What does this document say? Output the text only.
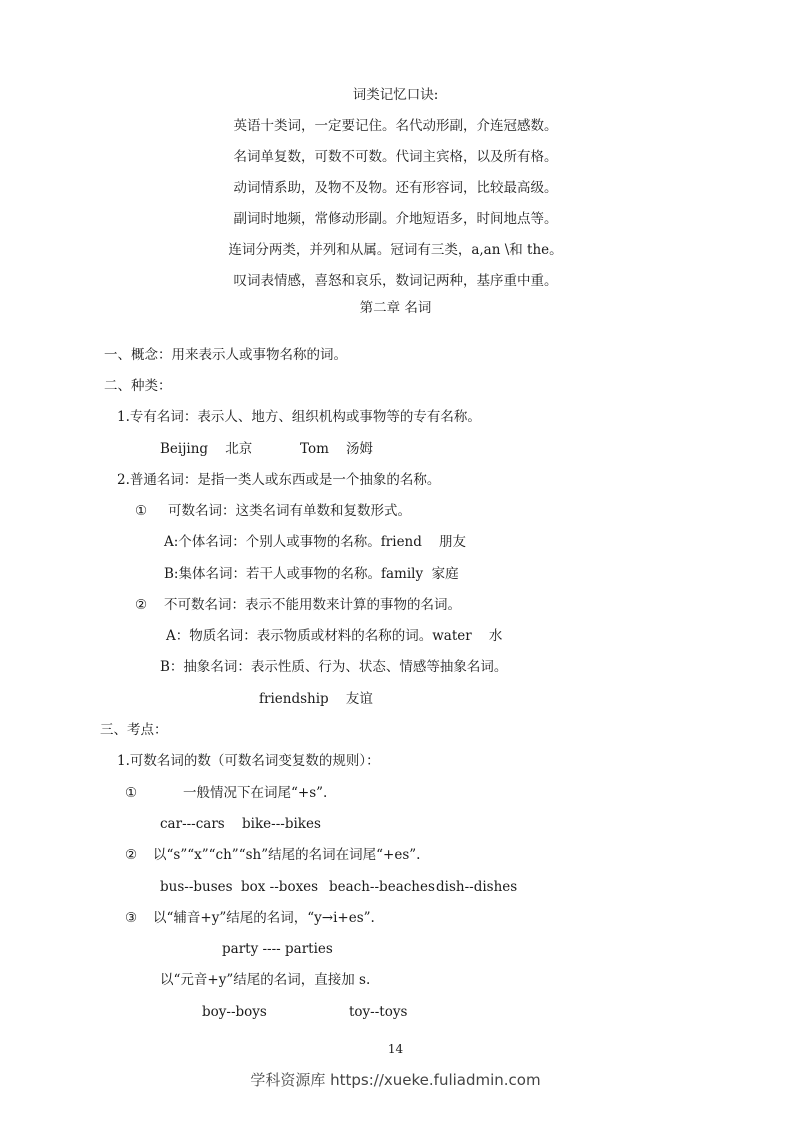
词类记忆口诀:
英语十类词，一定要记住。名代动形副，介连冠感数。
名词单复数，可数不可数。代词主宾格，以及所有格。
动词情系助，及物不及物。还有形容词，比较最高级。
副词时地频，常修动形副。介地短语多，时间地点等。
连词分两类，并列和从属。冠词有三类，a,an \和 the。
叹词表情感，喜怒和哀乐，数词记两种，基序重中重。
第二章 名词
一、概念：用来表示人或事物名称的词。
二、种类：
1.专有名词：表示人、地方、组织机构或事物等的专有名称。
Beijing    北京	Tom    汤姆
2.普通名词：是指一类人或东西或是一个抽象的名称。
① 可数名词：这类名词有单数和复数形式。
A:个体名词：个别人或事物的名称。friend    朋友
B:集体名词：若干人或事物的名称。family  家庭
② 不可数名词：表示不能用数来计算的事物的名词。
A：物质名词：表示物质或材料的名称的词。water    水
B：抽象名词：表示性质、行为、状态、情感等抽象名词。
friendship    友谊
三、考点：
1.可数名词的数（可数名词变复数的规则）：
①	一般情况下在词尾“+s”.
car---cars bike---bikes
② 以“s”“x”“ch”“sh”结尾的名词在词尾“+es”.
bus--buses box --boxes beach--beaches dish--dishes
③ 以“辅音+y”结尾的名词，“y→i+es”.
party ---- parties
以“元音+y”结尾的名词，直接加 s.
boy--boys	toy--toys
14
学科资源库 https://xueke.fuliadmin.com
